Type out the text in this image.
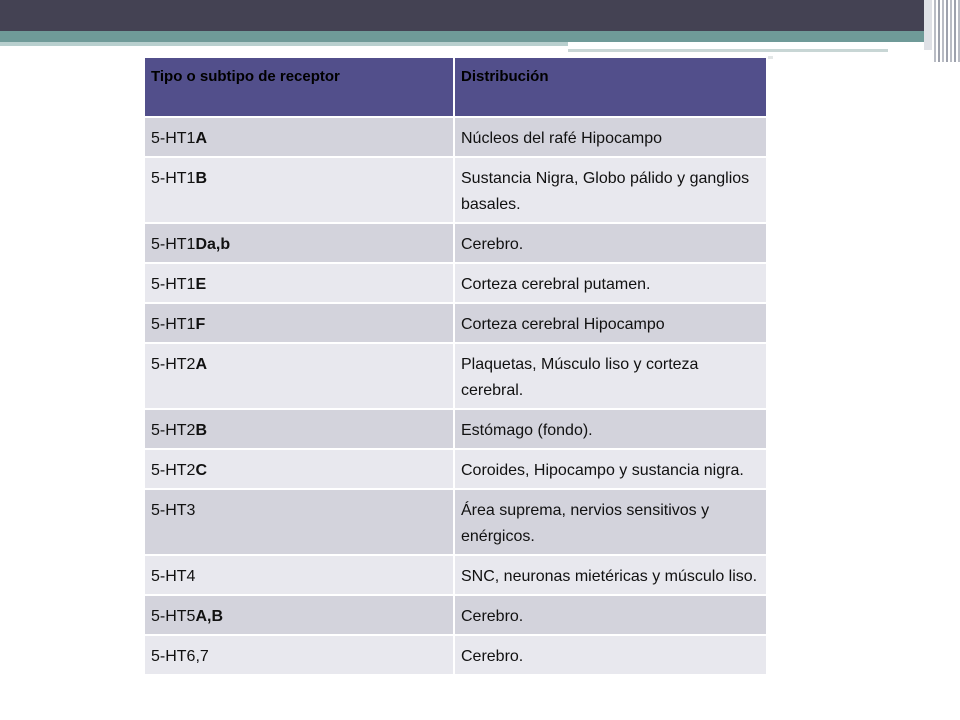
Tipo o subtipo de receptor	Distribución
5-HT1A	Núcleos del rafé Hipocampo
5-HT1B	Sustancia Nigra, Globo pálido y ganglios basales.
5-HT1Da,b	Cerebro.
5-HT1E	Corteza cerebral putamen.
5-HT1F	Corteza cerebral Hipocampo
5-HT2A	Plaquetas, Músculo liso y corteza cerebral.
5-HT2B	Estómago (fondo).
5-HT2C	Coroides, Hipocampo y sustancia nigra.
5-HT3	Área suprema, nervios sensitivos y enérgicos.
5-HT4	SNC, neuronas mietéricas y músculo liso.
5-HT5A,B	Cerebro.
5-HT6,7	Cerebro.
